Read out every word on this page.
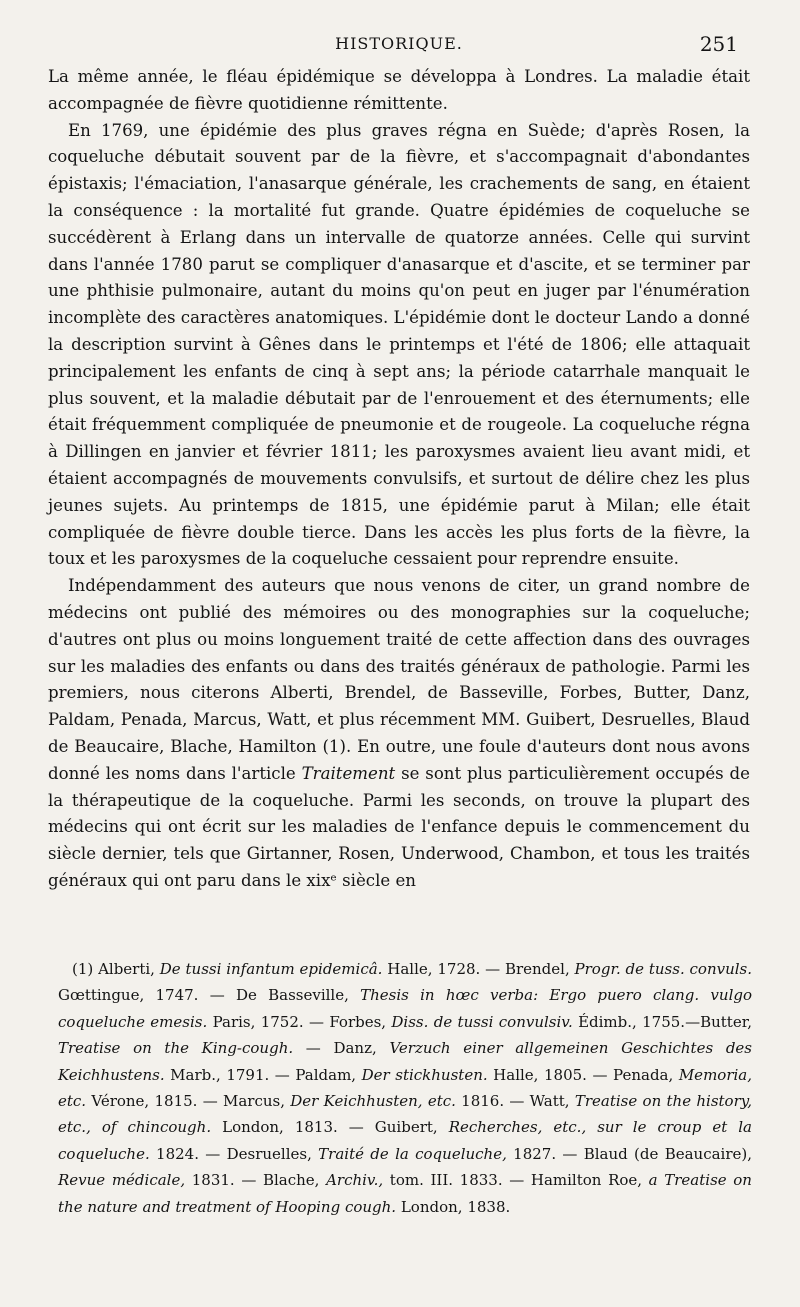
HISTORIQUE.	251

La même année, le fléau épidémique se développa à Londres. La maladie était accompagnée de fièvre quotidienne rémittente.

En 1769, une épidémie des plus graves régna en Suède; d'après Rosen, la coqueluche débutait souvent par de la fièvre, et s'accompagnait d'abondantes épistaxis; l'émaciation, l'anasarque générale, les crachements de sang, en étaient la conséquence : la mortalité fut grande. Quatre épidémies de coqueluche se succédèrent à Erlang dans un intervalle de quatorze années. Celle qui survint dans l'année 1780 parut se compliquer d'anasarque et d'ascite, et se terminer par une phthisie pulmonaire, autant du moins qu'on peut en juger par l'énumération incomplète des caractères anatomiques. L'épidémie dont le docteur Lando a donné la description survint à Gênes dans le printemps et l'été de 1806; elle attaquait principalement les enfants de cinq à sept ans; la période catarrhale manquait le plus souvent, et la maladie débutait par de l'enrouement et des éternuments; elle était fréquemment compliquée de pneumonie et de rougeole. La coqueluche régna à Dillingen en janvier et février 1811; les paroxysmes avaient lieu avant midi, et étaient accompagnés de mouvements convulsifs, et surtout de délire chez les plus jeunes sujets. Au printemps de 1815, une épidémie parut à Milan; elle était compliquée de fièvre double tierce. Dans les accès les plus forts de la fièvre, la toux et les paroxysmes de la coqueluche cessaient pour reprendre ensuite.

Indépendamment des auteurs que nous venons de citer, un grand nombre de médecins ont publié des mémoires ou des monographies sur la coqueluche; d'autres ont plus ou moins longuement traité de cette affection dans des ouvrages sur les maladies des enfants ou dans des traités généraux de pathologie. Parmi les premiers, nous citerons Alberti, Brendel, de Basseville, Forbes, Butter, Danz, Paldam, Penada, Marcus, Watt, et plus récemment MM. Guibert, Desruelles, Blaud de Beaucaire, Blache, Hamilton (1). En outre, une foule d'auteurs dont nous avons donné les noms dans l'article Traitement se sont plus particulièrement occupés de la thérapeutique de la coqueluche. Parmi les seconds, on trouve la plupart des médecins qui ont écrit sur les maladies de l'enfance depuis le commencement du siècle dernier, tels que Girtanner, Rosen, Underwood, Chambon, et tous les traités généraux qui ont paru dans le xixᵉ siècle en

(1) Alberti, De tussi infantum epidemicâ. Halle, 1728. — Brendel, Progr. de tuss. convuls. Gœttingue, 1747. — De Basseville, Thesis in hœc verba: Ergo puero clang. vulgo coqueluche emesis. Paris, 1752. — Forbes, Diss. de tussi convulsiv. Édimb., 1755.—Butter, Treatise on the King-cough. — Danz, Verzuch einer allgemeinen Geschichtes des Keichhustens. Marb., 1791. — Paldam, Der stickhusten. Halle, 1805. — Penada, Memoria, etc. Vérone, 1815. — Marcus, Der Keichhusten, etc. 1816. — Watt, Treatise on the history, etc., of chincough. London, 1813. — Guibert, Recherches, etc., sur le croup et la coqueluche. 1824. — Desruelles, Traité de la coqueluche, 1827. — Blaud (de Beaucaire), Revue médicale, 1831. — Blache, Archiv., tom. III. 1833. — Hamilton Roe, a Treatise on the nature and treatment of Hooping cough. London, 1838.
